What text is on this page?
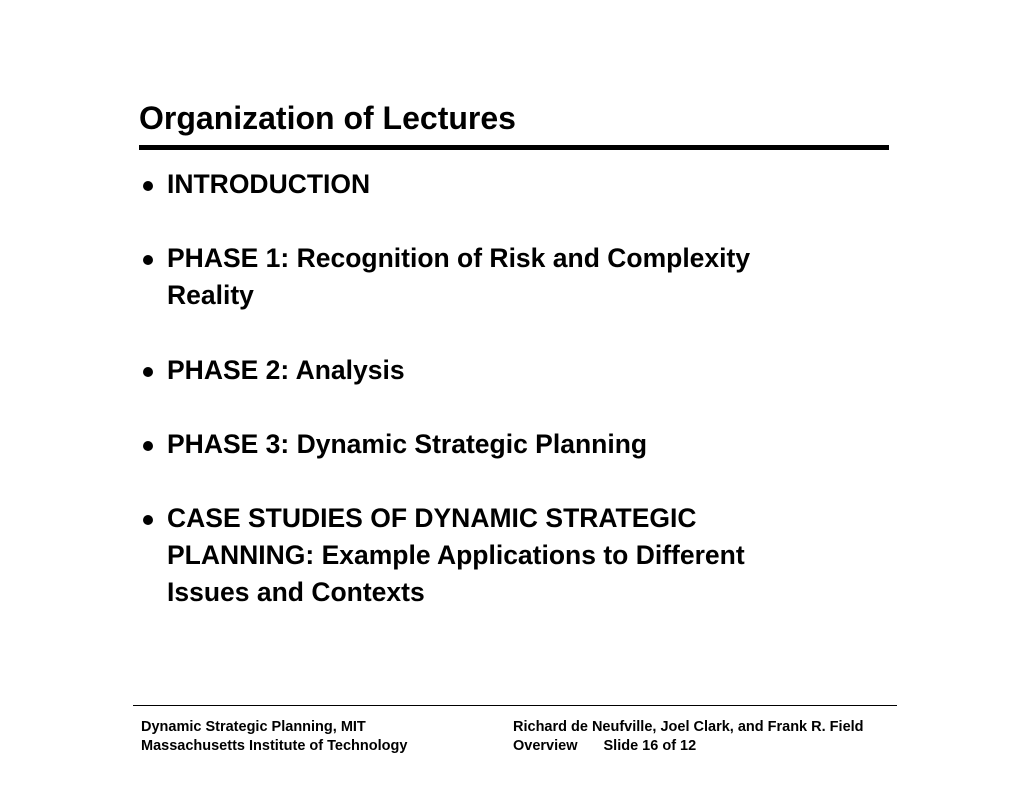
Organization of Lectures
INTRODUCTION
PHASE 1: Recognition of Risk and Complexity
Reality
PHASE 2: Analysis
PHASE 3: Dynamic Strategic Planning
CASE STUDIES OF DYNAMIC STRATEGIC
PLANNING: Example Applications to Different
Issues and Contexts
Dynamic Strategic Planning, MIT
Massachusetts Institute of Technology
Richard de Neufville, Joel Clark, and Frank R. Field
Overview Slide 16 of 12
